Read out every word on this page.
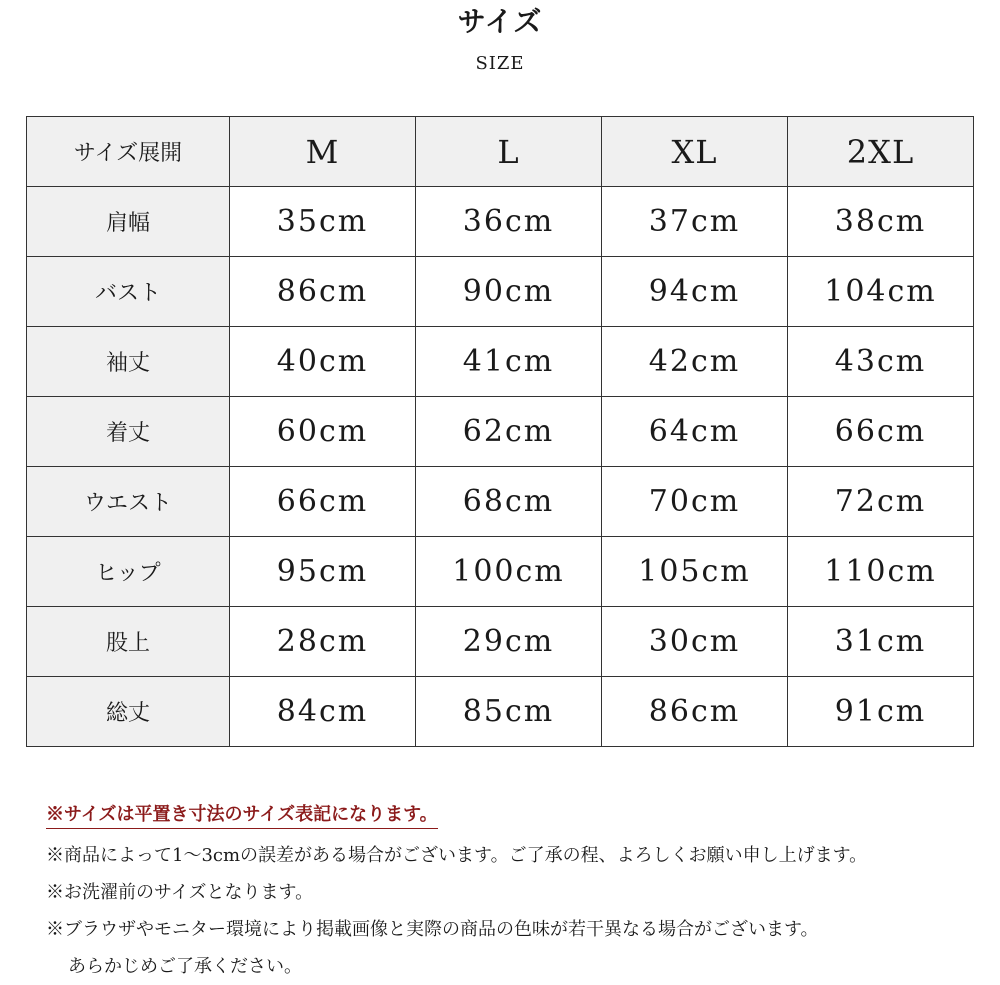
サイズ
SIZE
サイズ展開	M	L	XL	2XL
肩幅	35cm	36cm	37cm	38cm
バスト	86cm	90cm	94cm	104cm
袖丈	40cm	41cm	42cm	43cm
着丈	60cm	62cm	64cm	66cm
ウエスト	66cm	68cm	70cm	72cm
ヒップ	95cm	100cm	105cm	110cm
股上	28cm	29cm	30cm	31cm
総丈	84cm	85cm	86cm	91cm
※サイズは平置き寸法のサイズ表記になります。
※商品によって1～3cmの誤差がある場合がございます。ご了承の程、よろしくお願い申し上げます。
※お洗濯前のサイズとなります。
※ブラウザやモニター環境により掲載画像と実際の商品の色味が若干異なる場合がございます。
あらかじめご了承ください。
